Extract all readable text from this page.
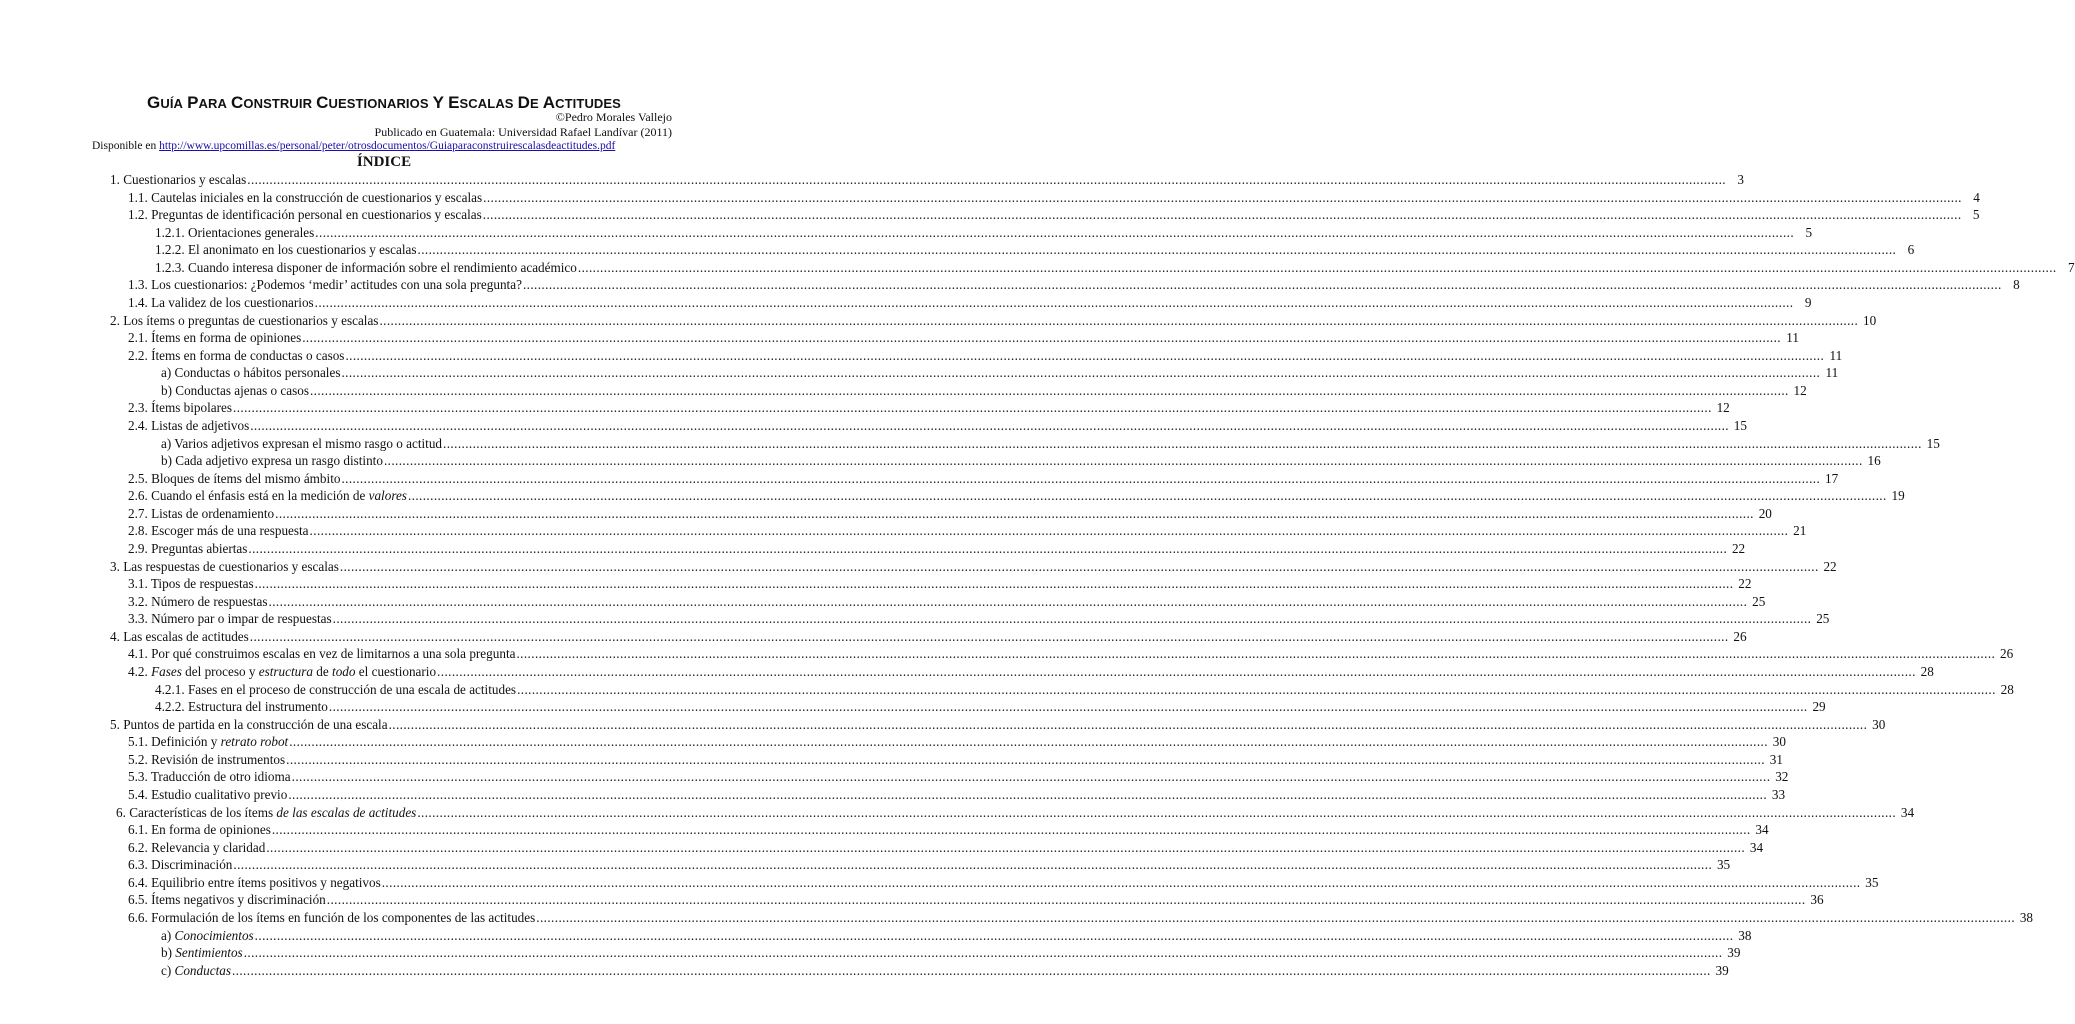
GUÍA PARA CONSTRUIR CUESTIONARIOS Y ESCALAS DE ACTITUDES
©Pedro Morales Vallejo
Publicado en Guatemala: Universidad Rafael Landívar (2011)
Disponible en http://www.upcomillas.es/personal/peter/otrosdocumentos/Guiaparaconstruirescalasdeactitudes.pdf
ÍNDICE
1. Cuestionarios y escalas ................................................................................................................................................................................................................................................................................................................................................................................................................ 3
1.1. Cautelas iniciales en la construcción de cuestionarios y escalas ................................................................................................................................................................................................................................................................................................................................................................................................................ 4
1.2. Preguntas de identificación personal en cuestionarios y escalas ................................................................................................................................................................................................................................................................................................................................................................................................................ 5
1.2.1. Orientaciones generales ................................................................................................................................................................................................................................................................................................................................................................................................................ 5
1.2.2. El anonimato en los cuestionarios y escalas ................................................................................................................................................................................................................................................................................................................................................................................................................ 6
1.2.3. Cuando interesa disponer de información sobre el rendimiento académico ................................................................................................................................................................................................................................................................................................................................................................................................................ 7
1.3. Los cuestionarios: ¿Podemos ‘medir’ actitudes con una sola pregunta? ................................................................................................................................................................................................................................................................................................................................................................................................................ 8
1.4. La validez de los cuestionarios ................................................................................................................................................................................................................................................................................................................................................................................................................ 9
2. Los ítems o preguntas de cuestionarios y escalas ................................................................................................................................................................................................................................................................................................................................................................................................................ 10
2.1. Ítems en forma de opiniones ................................................................................................................................................................................................................................................................................................................................................................................................................ 11
2.2. Ítems en forma de conductas o casos ................................................................................................................................................................................................................................................................................................................................................................................................................ 11
a) Conductas o hábitos personales ................................................................................................................................................................................................................................................................................................................................................................................................................ 11
b) Conductas ajenas o casos ................................................................................................................................................................................................................................................................................................................................................................................................................ 12
2.3. Ítems bipolares ................................................................................................................................................................................................................................................................................................................................................................................................................ 12
2.4. Listas de adjetivos ................................................................................................................................................................................................................................................................................................................................................................................................................ 15
a) Varios adjetivos expresan el mismo rasgo o actitud ................................................................................................................................................................................................................................................................................................................................................................................................................ 15
b) Cada adjetivo expresa un rasgo distinto ................................................................................................................................................................................................................................................................................................................................................................................................................ 16
2.5. Bloques de ítems del mismo ámbito ................................................................................................................................................................................................................................................................................................................................................................................................................ 17
2.6. Cuando el énfasis está en la medición de valores ................................................................................................................................................................................................................................................................................................................................................................................................................ 19
2.7. Listas de ordenamiento ................................................................................................................................................................................................................................................................................................................................................................................................................ 20
2.8. Escoger más de una respuesta ................................................................................................................................................................................................................................................................................................................................................................................................................ 21
2.9. Preguntas abiertas ................................................................................................................................................................................................................................................................................................................................................................................................................ 22
3. Las respuestas de cuestionarios y escalas ................................................................................................................................................................................................................................................................................................................................................................................................................ 22
3.1. Tipos de respuestas ................................................................................................................................................................................................................................................................................................................................................................................................................ 22
3.2. Número de respuestas ................................................................................................................................................................................................................................................................................................................................................................................................................ 25
3.3. Número par o impar de respuestas ................................................................................................................................................................................................................................................................................................................................................................................................................ 25
4. Las escalas de actitudes ................................................................................................................................................................................................................................................................................................................................................................................................................ 26
4.1. Por qué construimos escalas en vez de limitarnos a una sola pregunta ................................................................................................................................................................................................................................................................................................................................................................................................................ 26
4.2. Fases del proceso y estructura de todo el cuestionario ................................................................................................................................................................................................................................................................................................................................................................................................................ 28
4.2.1. Fases en el proceso de construcción de una escala de actitudes ................................................................................................................................................................................................................................................................................................................................................................................................................ 28
4.2.2. Estructura del instrumento ................................................................................................................................................................................................................................................................................................................................................................................................................ 29
5. Puntos de partida en la construcción de una escala ................................................................................................................................................................................................................................................................................................................................................................................................................ 30
5.1. Definición y retrato robot ................................................................................................................................................................................................................................................................................................................................................................................................................ 30
5.2. Revisión de instrumentos ................................................................................................................................................................................................................................................................................................................................................................................................................ 31
5.3. Traducción de otro idioma ................................................................................................................................................................................................................................................................................................................................................................................................................ 32
5.4. Estudio cualitativo previo ................................................................................................................................................................................................................................................................................................................................................................................................................ 33
6. Características de los ítems de las escalas de actitudes ................................................................................................................................................................................................................................................................................................................................................................................................................ 34
6.1. En forma de opiniones ................................................................................................................................................................................................................................................................................................................................................................................................................ 34
6.2. Relevancia y claridad ................................................................................................................................................................................................................................................................................................................................................................................................................ 34
6.3. Discriminación ................................................................................................................................................................................................................................................................................................................................................................................................................ 35
6.4. Equilibrio entre ítems positivos y negativos ................................................................................................................................................................................................................................................................................................................................................................................................................ 35
6.5. Ítems negativos y discriminación ................................................................................................................................................................................................................................................................................................................................................................................................................ 36
6.6. Formulación de los ítems en función de los componentes de las actitudes ................................................................................................................................................................................................................................................................................................................................................................................................................ 38
a) Conocimientos ................................................................................................................................................................................................................................................................................................................................................................................................................ 38
b) Sentimientos ................................................................................................................................................................................................................................................................................................................................................................................................................ 39
c) Conductas ................................................................................................................................................................................................................................................................................................................................................................................................................ 39
